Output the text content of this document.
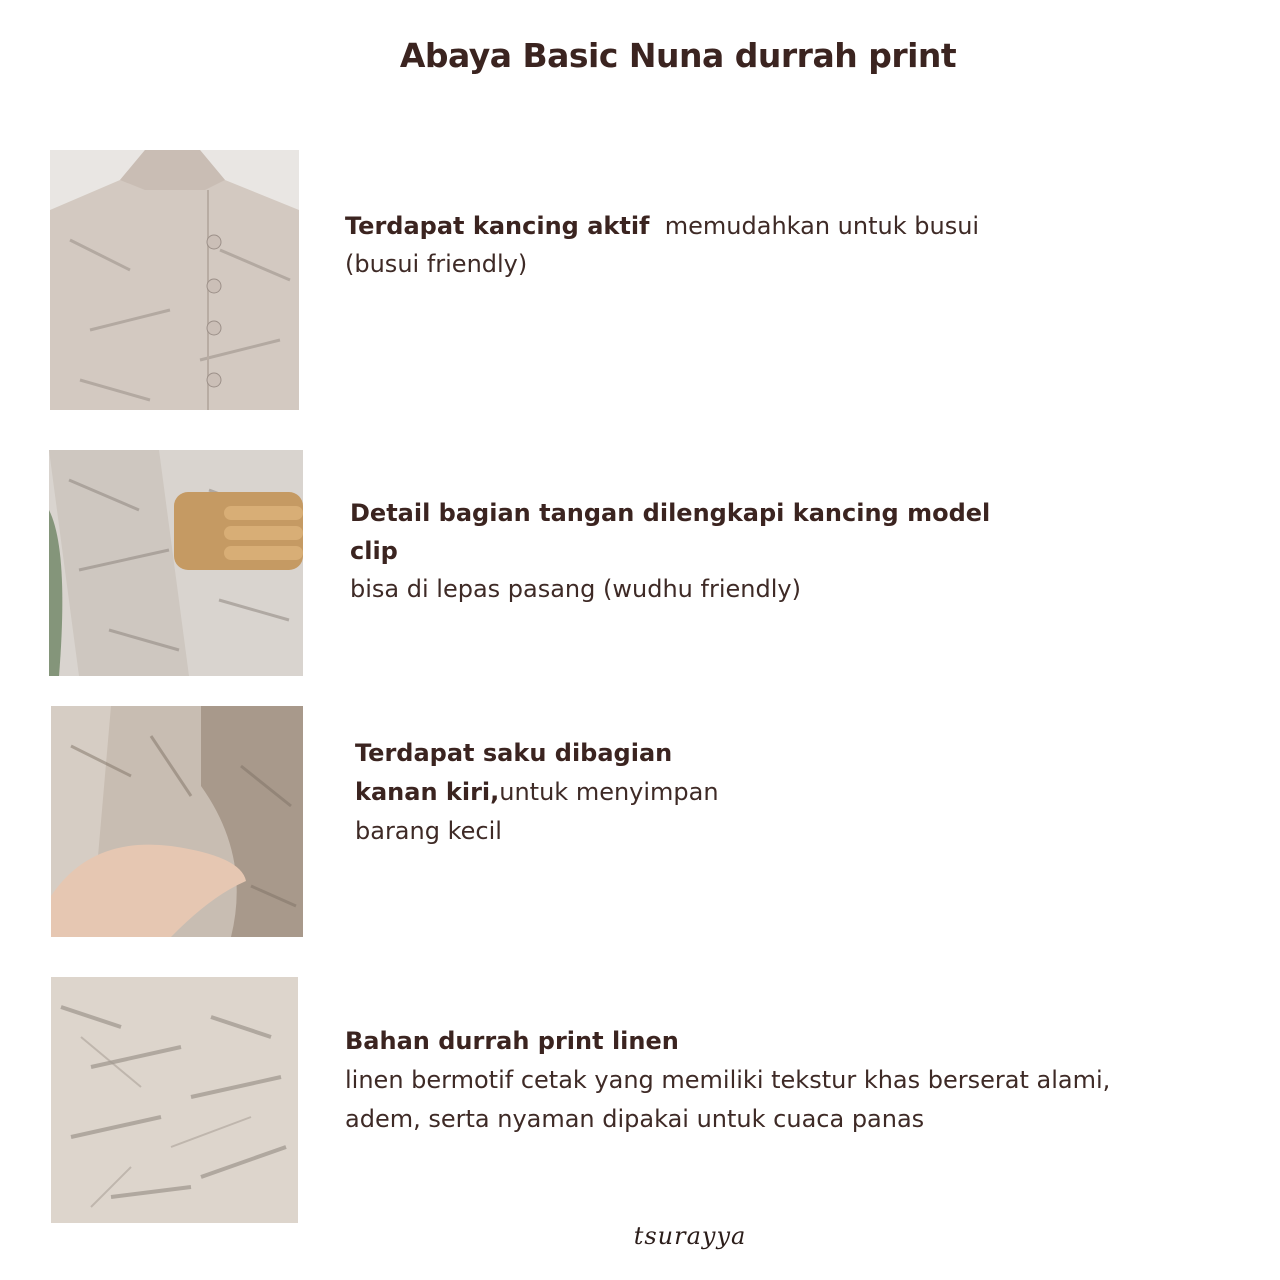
Abaya Basic Nuna durrah print
Terdapat kancing aktif memudahkan untuk busui (busui friendly)
Detail bagian tangan dilengkapi kancing model
clip
bisa di lepas pasang (wudhu friendly)
Terdapat saku dibagian
kanan kiri,untuk menyimpan
barang kecil
Bahan durrah print linen
linen bermotif cetak yang memiliki tekstur khas berserat alami,
adem, serta nyaman dipakai untuk cuaca panas
tsurayya
